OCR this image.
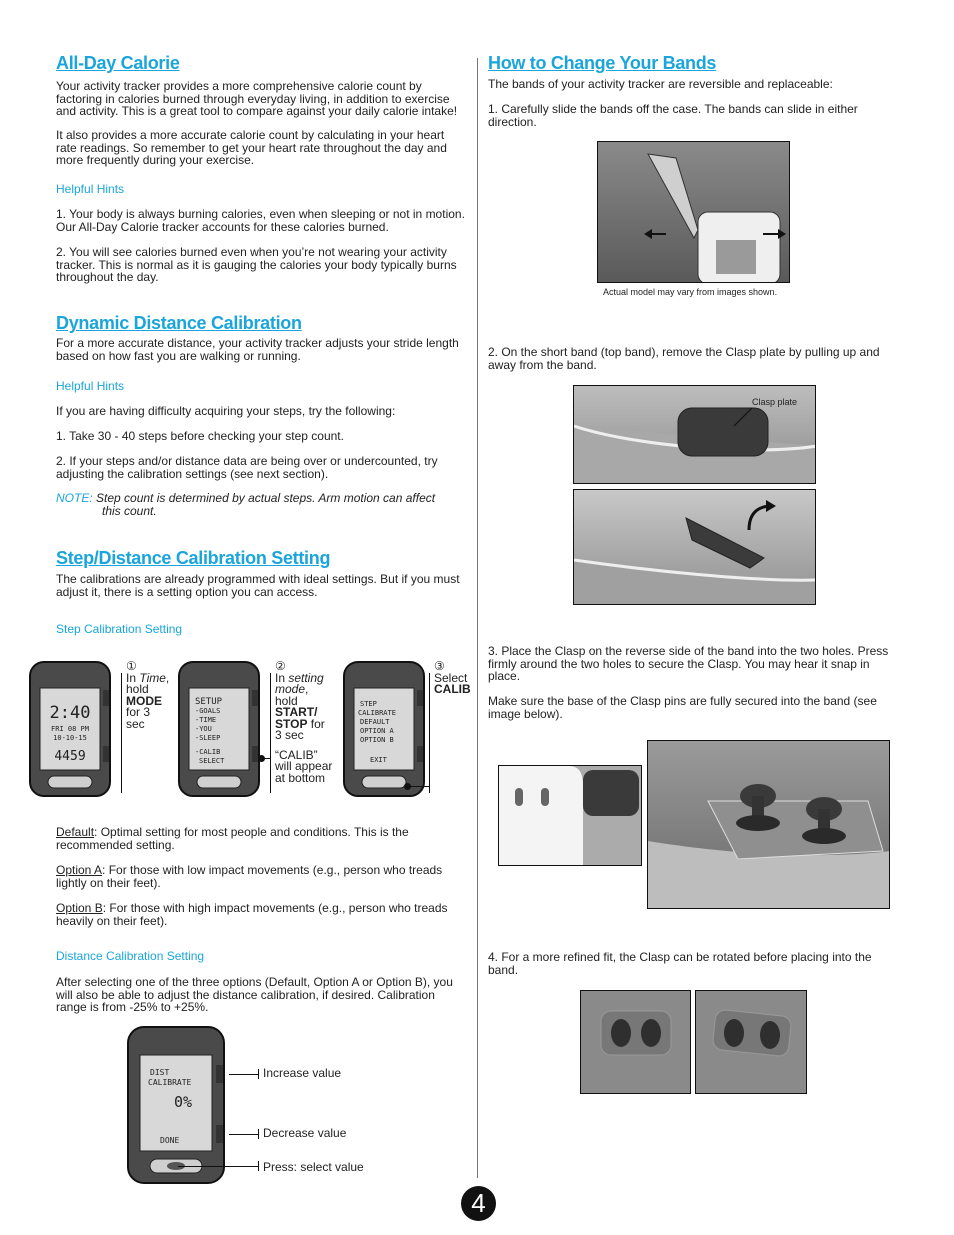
All-Day Calorie
Your activity tracker provides a more comprehensive calorie count by factoring in calories burned through everyday living, in addition to exercise and activity. This is a great tool to compare against your daily calorie intake!
It also provides a more accurate calorie count by calculating in your heart rate readings. So remember to get your heart rate throughout the day and more frequently during your exercise.
Helpful Hints
1. Your body is always burning calories, even when sleeping or not in motion. Our All-Day Calorie tracker accounts for these calories burned.
2. You will see calories burned even when you’re not wearing your activity tracker. This is normal as it is gauging the calories your body typically burns throughout the day.
Dynamic Distance Calibration
For a more accurate distance, your activity tracker adjusts your stride length based on how fast you are walking or running.
Helpful Hints
If you are having difficulty acquiring your steps, try the following:
1. Take 30 - 40 steps before checking your step count.
2. If your steps and/or distance data are being over or undercounted, try adjusting the calibration settings (see next section).
NOTE: Step count is determined by actual steps. Arm motion can affect
this count.
Step/Distance Calibration Setting
The calibrations are already programmed with ideal settings. But if you must adjust it, there is a setting option you can access.
Step Calibration Setting
2:40
FRI 08 PM
10-10-15
4459
①
In Time,
hold
MODE
for 3
sec
SETUP
-GOALS
-TIME
-YOU
-SLEEP
-CALIB
SELECT
②
In setting
mode,
hold
START/
STOP for
3 sec
“CALIB”
will appear
at bottom
STEP
CALIBRATE
DEFAULT
OPTION A
OPTION B
EXIT
③
Select
CALIB
Default: Optimal setting for most people and conditions. This is the recommended setting.
Option A: For those with low impact movements (e.g., person who treads lightly on their feet).
Option B: For those with high impact movements (e.g., person who treads heavily on their feet).
Distance Calibration Setting
After selecting one of the three options (Default, Option A or Option B), you will also be able to adjust the distance calibration, if desired. Calibration range is from -25% to +25%.
DIST
CALIBRATE
0%
DONE
Increase value
Decrease value
Press: select value
How to Change Your Bands
The bands of your activity tracker are reversible and replaceable:
1. Carefully slide the bands off the case. The bands can slide in either direction.
2. On the short band (top band), remove the Clasp plate by pulling up and away from the band.
3. Place the Clasp on the reverse side of the band into the two holes. Press firmly around the two holes to secure the Clasp. You may hear it snap in place.
Make sure the base of the Clasp pins are fully secured into the band (see image below).
4. For a more refined fit, the Clasp can be rotated before placing into the band.
Actual model may vary from images shown.
Clasp plate
4
